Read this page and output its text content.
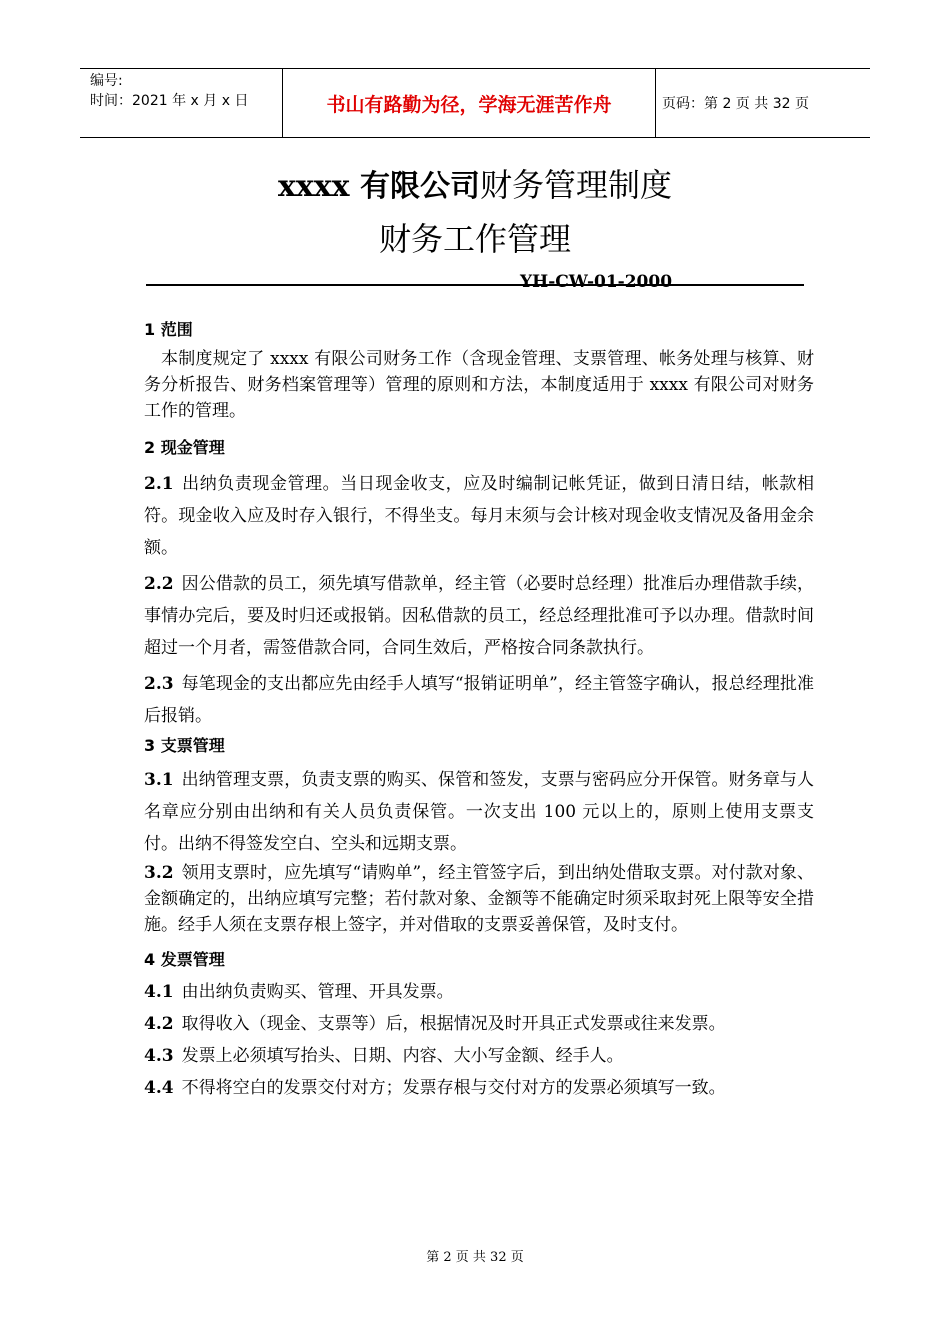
编号:
时间：2021 年 x 月 x 日	书山有路勤为径，学海无涯苦作舟	页码：第 2 页 共 32 页
xxxx 有限公司财务管理制度
财务工作管理
YH-CW-01-2000

1 范围

本制度规定了 xxxx 有限公司财务工作（含现金管理、支票管理、帐务处理与核算、财务分析报告、财务档案管理等）管理的原则和方法，本制度适用于 xxxx 有限公司对财务工作的管理。

2 现金管理

2.1 出纳负责现金管理。当日现金收支，应及时编制记帐凭证，做到日清日结，帐款相符。现金收入应及时存入银行，不得坐支。每月末须与会计核对现金收支情况及备用金余额。

2.2 因公借款的员工，须先填写借款单，经主管（必要时总经理）批准后办理借款手续，事情办完后，要及时归还或报销。因私借款的员工，经总经理批准可予以办理。借款时间超过一个月者，需签借款合同，合同生效后，严格按合同条款执行。

2.3 每笔现金的支出都应先由经手人填写“报销证明单”，经主管签字确认，报总经理批准后报销。

3 支票管理

3.1 出纳管理支票，负责支票的购买、保管和签发，支票与密码应分开保管。财务章与人名章应分别由出纳和有关人员负责保管。一次支出 100 元以上的，原则上使用支票支付。出纳不得签发空白、空头和远期支票。

3.2 领用支票时，应先填写“请购单”，经主管签字后，到出纳处借取支票。对付款对象、金额确定的，出纳应填写完整；若付款对象、金额等不能确定时须采取封死上限等安全措施。经手人须在支票存根上签字，并对借取的支票妥善保管，及时支付。

4 发票管理

4.1 由出纳负责购买、管理、开具发票。

4.2 取得收入（现金、支票等）后，根据情况及时开具正式发票或往来发票。

4.3 发票上必须填写抬头、日期、内容、大小写金额、经手人。

4.4 不得将空白的发票交付对方；发票存根与交付对方的发票必须填写一致。

第 2 页 共 32 页
